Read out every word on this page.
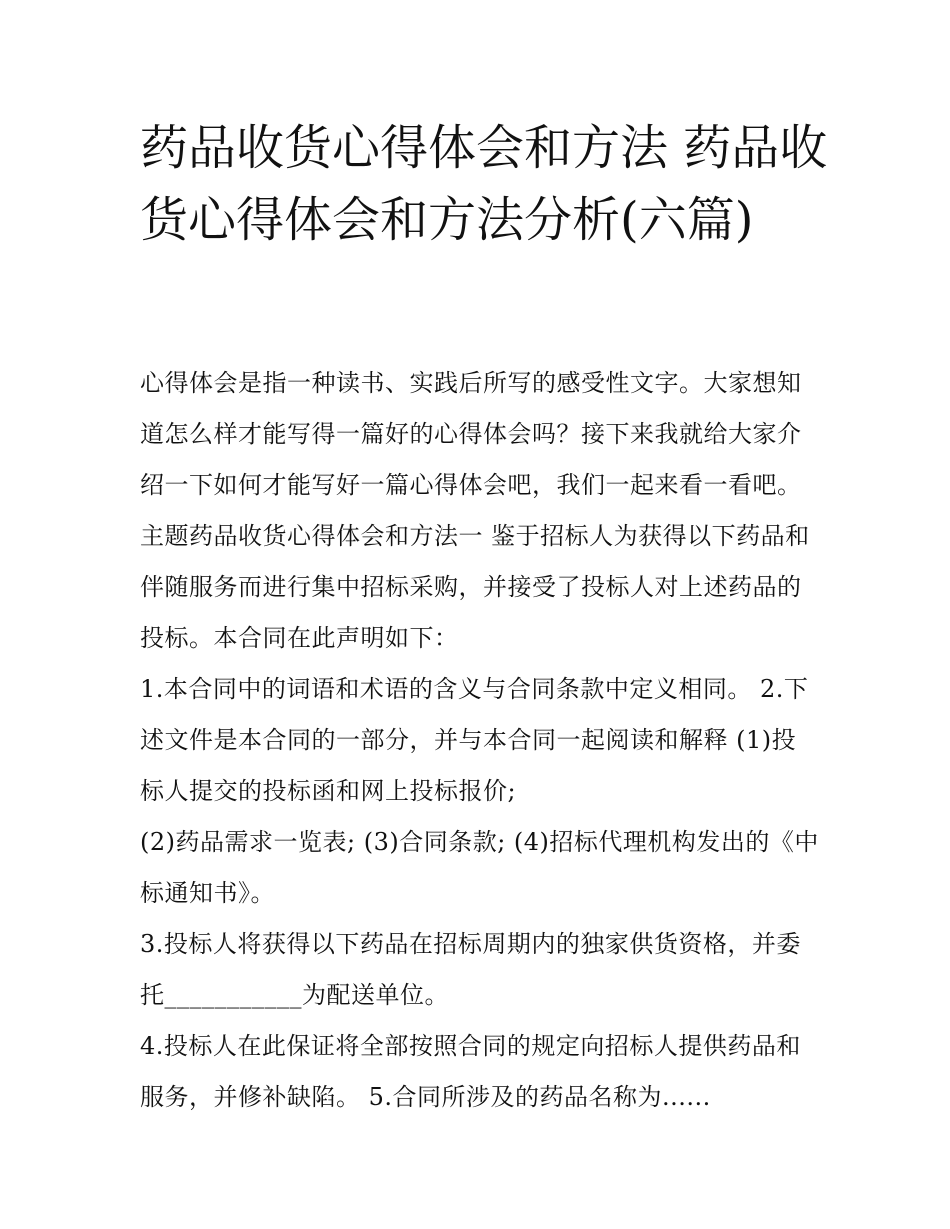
药品收货心得体会和方法 药品收货心得体会和方法分析(六篇)

心得体会是指一种读书、实践后所写的感受性文字。大家想知道怎么样才能写得一篇好的心得体会吗？接下来我就给大家介绍一下如何才能写好一篇心得体会吧，我们一起来看一看吧。主题药品收货心得体会和方法一 鉴于招标人为获得以下药品和伴随服务而进行集中招标采购，并接受了投标人对上述药品的投标。本合同在此声明如下：

1.本合同中的词语和术语的含义与合同条款中定义相同。 2.下述文件是本合同的一部分，并与本合同一起阅读和解释 (1)投标人提交的投标函和网上投标报价;

(2)药品需求一览表; (3)合同条款; (4)招标代理机构发出的《中标通知书》。

3.投标人将获得以下药品在招标周期内的独家供货资格，并委托___________为配送单位。

4.投标人在此保证将全部按照合同的规定向招标人提供药品和服务，并修补缺陷。 5.合同所涉及的药品名称为......
